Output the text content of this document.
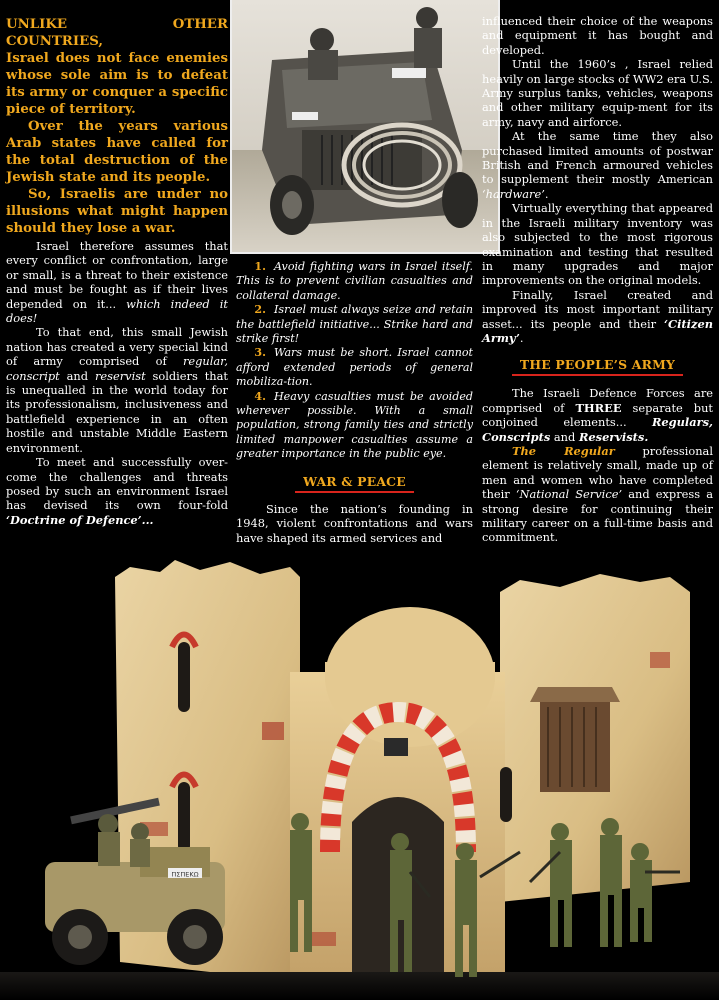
UNLIKE OTHER COUNTRIES,

Israel does not face enemies whose sole aim is to defeat its army or conquer a specific piece of territory.

Over the years various Arab states have called for the total destruction of the Jewish state and its people.

So, Israelis are under no illusions what might happen should they lose a war.

Israel therefore assumes that every conflict or confrontation, large or small, is a threat to their existence and must be fought as if their lives depended on it... which indeed it does!

To that end, this small Jewish nation has created a very special kind of army comprised of regular, conscript and reservist soldiers that is unequalled in the world today for its professionalism, inclusiveness and battlefield experience in an often hostile and unstable Middle Eastern environment.

To meet and successfully over-come the challenges and threats posed by such an environment Israel has devised its own four-fold ‘Doctrine of Defence’...

1. Avoid fighting wars in Israel itself. This is to prevent civilian casualties and collateral damage.

2. Israel must always seize and retain the battlefield initiative... Strike hard and strike first!

3. Wars must be short. Israel cannot afford extended periods of general mobiliza-tion.

4. Heavy casualties must be avoided wherever possible. With a small population, strong family ties and strictly limited manpower casualties assume a greater importance in the public eye.

WAR & PEACE

Since the nation’s founding in 1948, violent confrontations and wars have shaped its armed services and

influenced their choice of the weapons and equipment it has bought and developed.

Until the 1960’s , Israel relied heavily on large stocks of WW2 era U.S. Army surplus tanks, vehicles, weapons and other military equip-ment for its army, navy and airforce.

At the same time they also purchased limited amounts of postwar British and French armoured vehicles to supplement their mostly American ‘hardware’.

Virtually everything that appeared in the Israeli military inventory was also subjected to the most rigorous examination and testing that resulted in many upgrades and major improvements on the original models.

Finally, Israel created and improved its most important military asset... its people and their ‘Citizen Army’.

THE PEOPLE’S ARMY

The Israeli Defence Forces are comprised of THREE separate but conjoined elements... Regulars, Conscripts and Reservists.

The Regular professional element is relatively small, made up of men and women who have completed their ‘National Service’ and express a strong desire for continuing their military career on a full-time basis and commitment.

ΠΣΠΕΚΩ
